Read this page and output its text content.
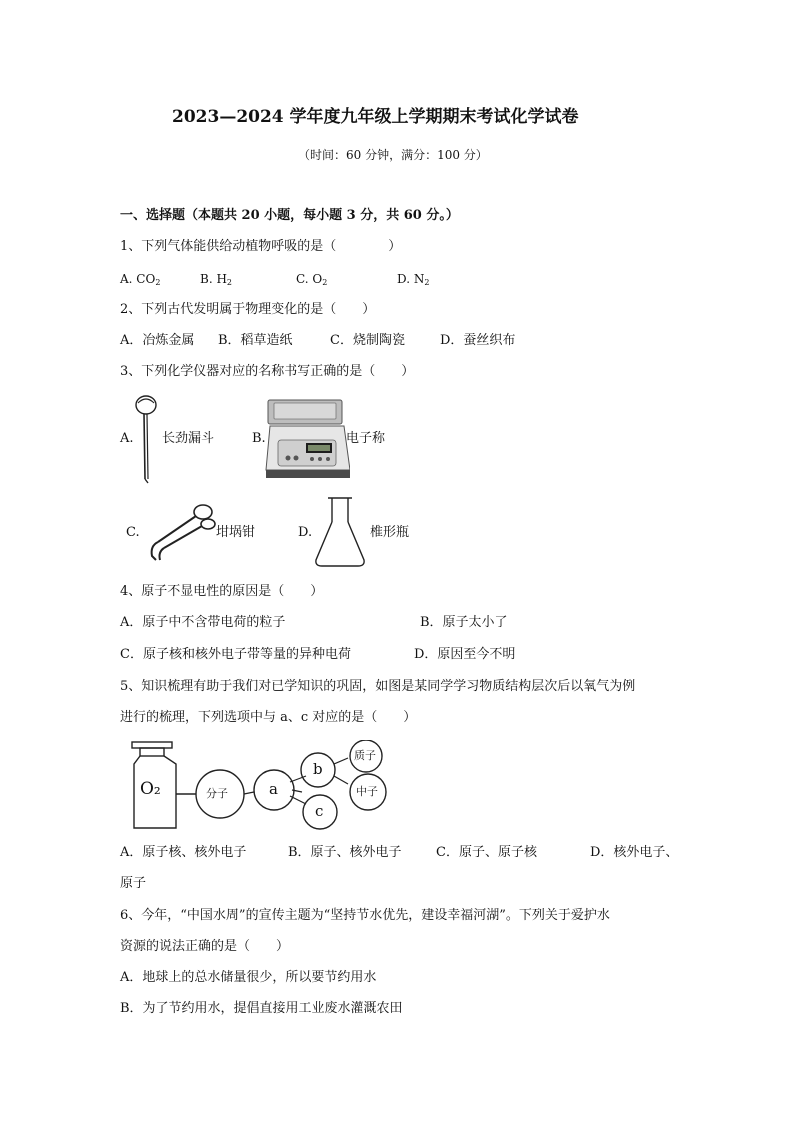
2023—2024 学年度九年级上学期期末考试化学试卷
（时间：60 分钟，满分：100 分）
一、选择题（本题共 20 小题，每小题 3 分，共 60 分。）
1、下列气体能供给动植物呼吸的是（　　　　）
A. $CO_2$	B. $H_2$	C. $O_2$	D. $N_2$
2、下列古代发明属于物理变化的是（　　）
A．冶炼金属 B．稻草造纸	C．烧制陶瓷	D．蚕丝织布
3、下列化学仪器对应的名称书写正确的是（　　）
A. 长劲漏斗	B.	电子称
C.	坩埚钳	D.	椎形瓶
4、原子不显电性的原因是（　　）
A．原子中不含带电荷的粒子	B．原子太小了
C．原子核和核外电子带等量的异种电荷	D．原因至今不明
5、知识梳理有助于我们对已学知识的巩固，如图是某同学学习物质结构层次后以氧气为例
进行的梳理，下列选项中与 a、c 对应的是（　　）
O₂	分子	a
b
c
质子
中子
A．原子核、核外电子	B．原子、核外电子	C．原子、原子核	D．核外电子、
原子
6、今年，“中国水周”的宣传主题为“坚持节水优先，建设幸福河湖”。下列关于爱护水
资源的说法正确的是（　　）
A．地球上的总水储量很少，所以要节约用水
B．为了节约用水，提倡直接用工业废水灌溉农田
